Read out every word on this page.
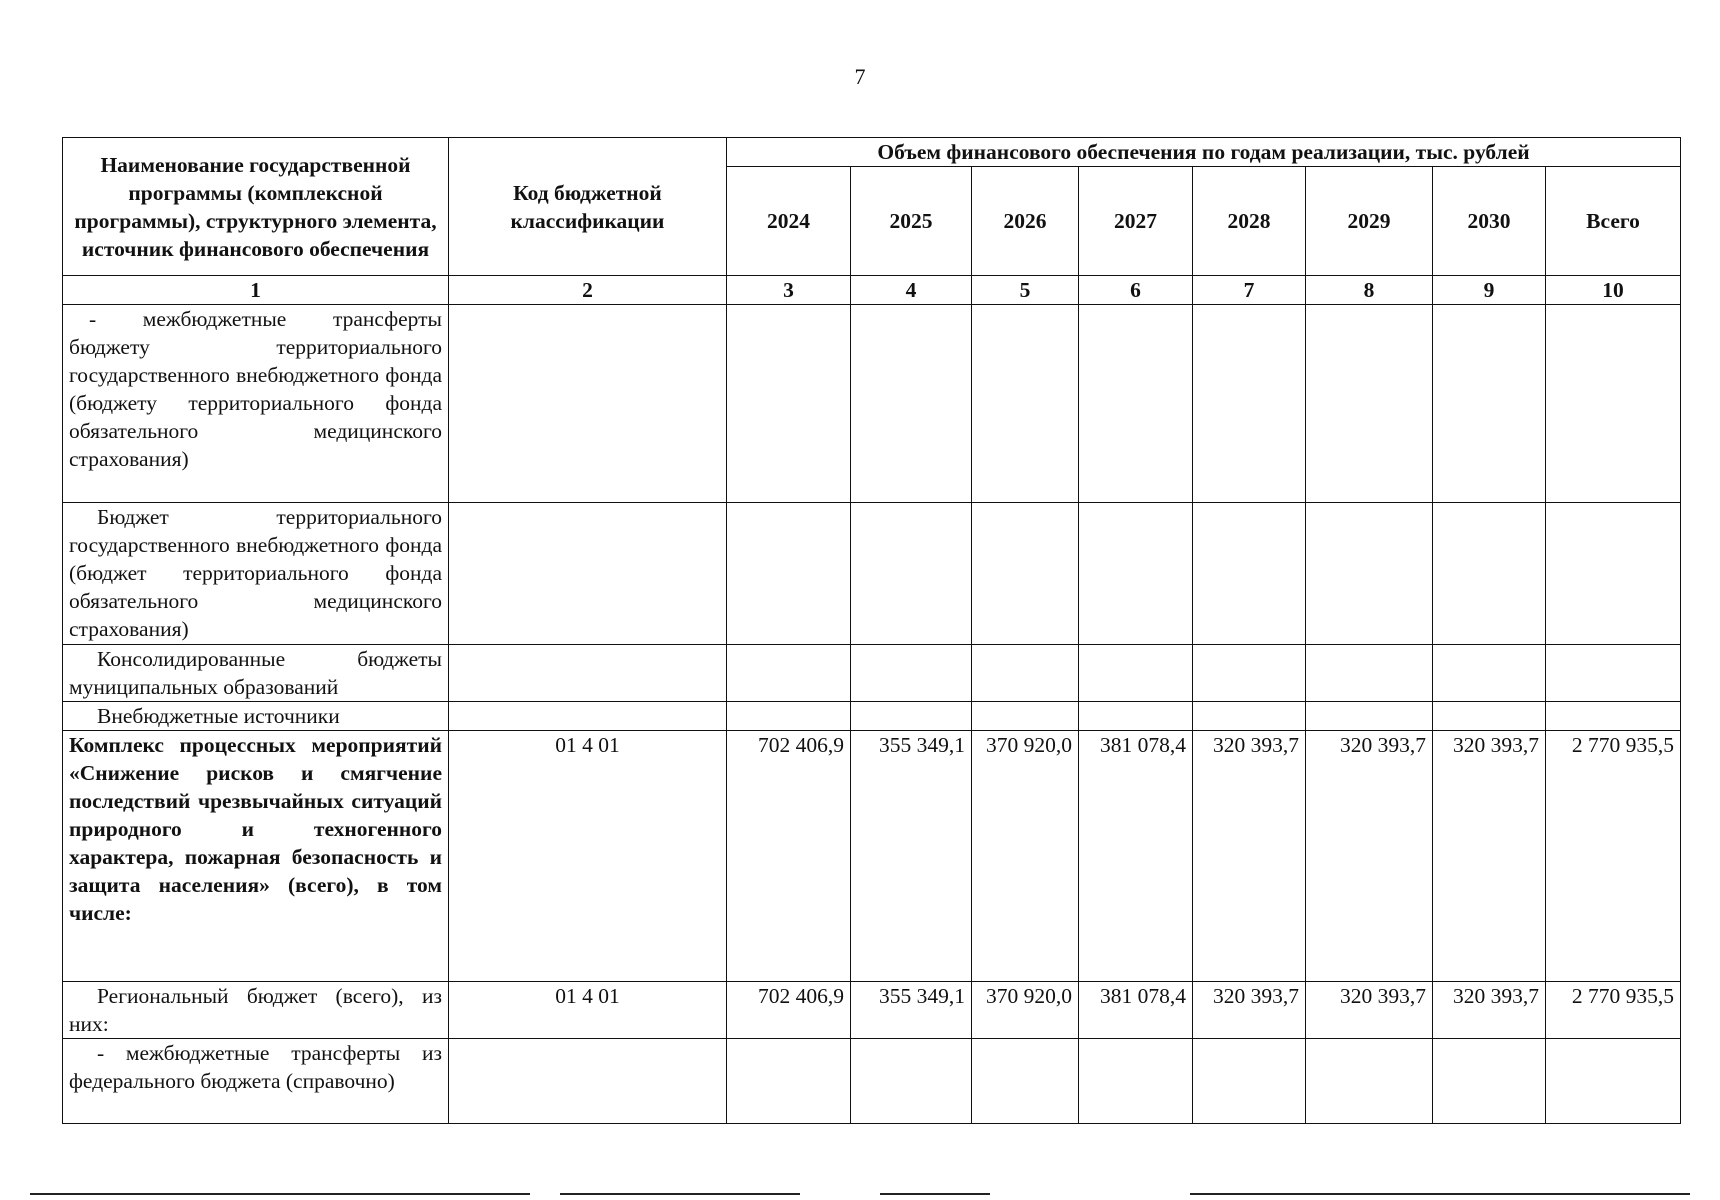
7
Наименование государственной программы (комплексной программы), структурного элемента, источник финансового обеспечения	Код бюджетной классификации	Объем финансового обеспечения по годам реализации, тыс. рублей							
		2024	2025	2026	2027	2028	2029	2030	Всего
1	2	3	4	5	6	7	8	9	10
- межбюджетные трансферты бюджету территориального государственного внебюджетного фонда (бюджету территориального фонда обязательного медицинского страхования)									
Бюджет территориального государственного внебюджетного фонда (бюджет территориального фонда обязательного медицинского страхования)									
Консолидированные бюджеты муниципальных образований									
Внебюджетные источники									
Комплекс процессных мероприятий «Снижение рисков и смягчение последствий чрезвычайных ситуаций природного и техногенного характера, пожарная безопасность и защита населения» (всего), в том числе:	01 4 01	702 406,9	355 349,1	370 920,0	381 078,4	320 393,7	320 393,7	320 393,7	2 770 935,5
Региональный бюджет (всего), из них:	01 4 01	702 406,9	355 349,1	370 920,0	381 078,4	320 393,7	320 393,7	320 393,7	2 770 935,5
- межбюджетные трансферты из федерального бюджета (справочно)									
